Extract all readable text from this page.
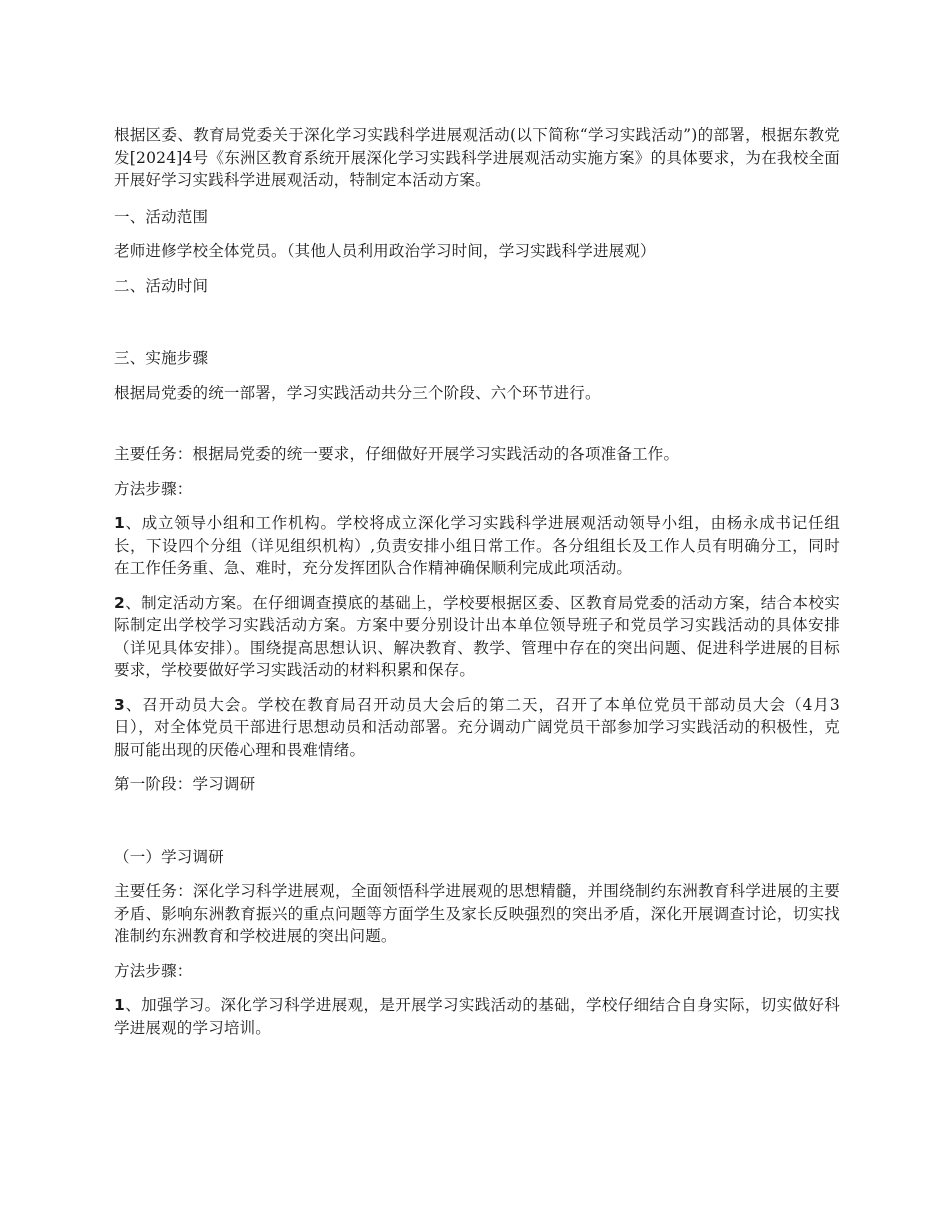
根据区委、教育局党委关于深化学习实践科学进展观活动(以下简称“学习实践活动”)的部署，根据东教党发[2024]4号《东洲区教育系统开展深化学习实践科学进展观活动实施方案》的具体要求，为在我校全面开展好学习实践科学进展观活动，特制定本活动方案。

一、活动范围

老师进修学校全体党员。（其他人员利用政治学习时间，学习实践科学进展观）

二、活动时间

三、实施步骤

根据局党委的统一部署，学习实践活动共分三个阶段、六个环节进行。

主要任务：根据局党委的统一要求，仔细做好开展学习实践活动的各项准备工作。

方法步骤：

1、成立领导小组和工作机构。学校将成立深化学习实践科学进展观活动领导小组，由杨永成书记任组长，下设四个分组（详见组织机构）,负责安排小组日常工作。各分组组长及工作人员有明确分工，同时在工作任务重、急、难时，充分发挥团队合作精神确保顺利完成此项活动。

2、制定活动方案。在仔细调查摸底的基础上，学校要根据区委、区教育局党委的活动方案，结合本校实际制定出学校学习实践活动方案。方案中要分别设计出本单位领导班子和党员学习实践活动的具体安排（详见具体安排）。围绕提高思想认识、解决教育、教学、管理中存在的突出问题、促进科学进展的目标要求，学校要做好学习实践活动的材料积累和保存。

3、召开动员大会。学校在教育局召开动员大会后的第二天，召开了本单位党员干部动员大会（4月3日），对全体党员干部进行思想动员和活动部署。充分调动广阔党员干部参加学习实践活动的积极性，克服可能出现的厌倦心理和畏难情绪。

第一阶段：学习调研

（一）学习调研

主要任务：深化学习科学进展观，全面领悟科学进展观的思想精髓，并围绕制约东洲教育科学进展的主要矛盾、影响东洲教育振兴的重点问题等方面学生及家长反映强烈的突出矛盾，深化开展调查讨论，切实找准制约东洲教育和学校进展的突出问题。

方法步骤：

1、加强学习。深化学习科学进展观，是开展学习实践活动的基础，学校仔细结合自身实际，切实做好科学进展观的学习培训。
